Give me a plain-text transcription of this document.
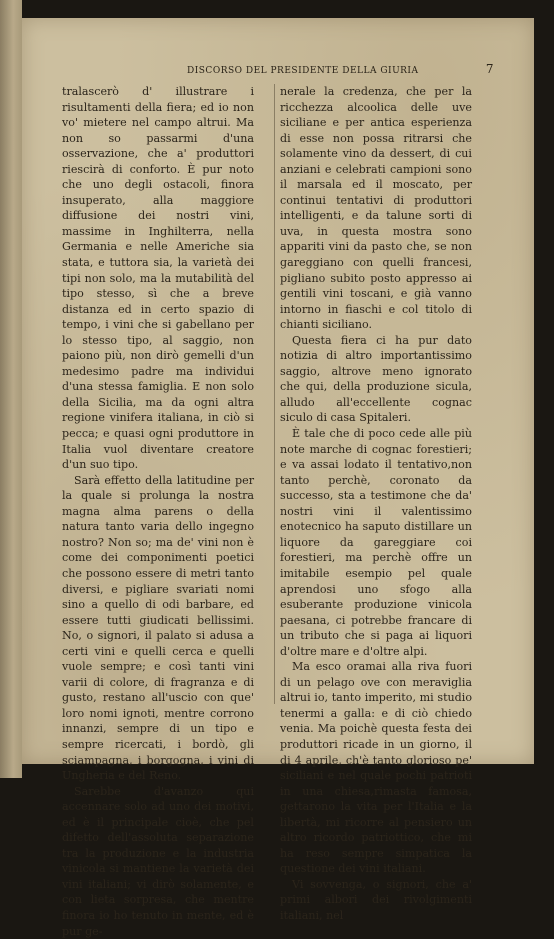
DISCORSO DEL PRESIDENTE DELLA GIURIA	7

tralascerò d' illustrare i risultamenti della fiera; ed io non vo' mietere nel campo altrui. Ma non so passarmi d'una osservazione, che a' produttori riescirà di conforto. È pur noto che uno degli ostacoli, finora insuperato, alla maggiore diffusione dei nostri vini, massime in Inghilterra, nella Germania e nelle Americhe sia stata, e tuttora sia, la varietà dei tipi non solo, ma la mutabilità del tipo stesso, sì che a breve distanza ed in certo spazio di tempo, i vini che si gabellano per lo stesso tipo, al saggio, non paiono più, non dirò gemelli d'un medesimo padre ma individui d'una stessa famiglia. E non solo della Sicilia, ma da ogni altra regione vinifera italiana, in ciò si pecca; e quasi ogni produttore in Italia vuol diventare creatore d'un suo tipo.

Sarà effetto della latitudine per la quale si prolunga la nostra magna alma parens o della natura tanto varia dello ingegno nostro? Non so; ma de' vini non è come dei componimenti poetici che possono essere di metri tanto diversi, e pigliare svariati nomi sino a quello di odi barbare, ed essere tutti giudicati bellissimi. No, o signori, il palato si adusa a certi vini e quelli cerca e quelli vuole sempre; e così tanti vini varii di colore, di fragranza e di gusto, restano all'uscio con que' loro nomi ignoti, mentre corrono innanzi, sempre di un tipo e sempre ricercati, i bordò, gli sciampagna, i borgogna, i vini di Ungheria e del Reno.

Sarebbe d'avanzo qui accennare solo ad uno dei motivi, ed è il principale cioè, che pel difetto dell'assoluta separazione tra la produzione e la industria vinicola si mantiene la varietà dei vini italiani; vi dirò solamente, e con lieta sorpresa, che mentre finora io ho tenuto in mente, ed è pur ge-

nerale la credenza, che per la ricchezza alcoolica delle uve siciliane e per antica esperienza di esse non possa ritrarsi che solamente vino da dessert, di cui anziani e celebrati campioni sono il marsala ed il moscato, per continui tentativi di produttori intelligenti, e da talune sorti di uva, in questa mostra sono appariti vini da pasto che, se non gareggiano con quelli francesi, pigliano subito posto appresso ai gentili vini toscani, e già vanno intorno in fiaschi e col titolo di chianti siciliano.

Questa fiera ci ha pur dato notizia di altro importantissimo saggio, altrove meno ignorato che qui, della produzione sicula, alludo all'eccellente cognac siculo di casa Spitaleri.

È tale che di poco cede alle più note marche di cognac forestieri; e va assai lodato il tentativo,non tanto perchè, coronato da successo, sta a testimone che da' nostri vini il valentissimo enotecnico ha saputo distillare un liquore da gareggiare coi forestieri, ma perchè offre un imitabile esempio pel quale aprendosi uno sfogo alla esuberante produzione vinicola paesana, ci potrebbe francare di un tributo che si paga ai liquori d'oltre mare e d'oltre alpi.

Ma esco oramai alla riva fuori di un pelago ove con meraviglia altrui io, tanto imperito, mi studio tenermi a galla: e di ciò chiedo venia. Ma poichè questa festa dei produttori ricade in un giorno, il di 4 aprile, ch'è tanto glorioso pe' siciliani e nel quale pochi patrioti in una chiesa,rimasta famosa, gettarono la vita per l'Italia e la libertà, mi ricorre al pensiero un altro ricordo patriottico, che mi ha reso sempre simpatica la questione dei vini italiani.

Vi sovvenga, o signori, che a' primi albori dei rivolgimenti italiani, nel
